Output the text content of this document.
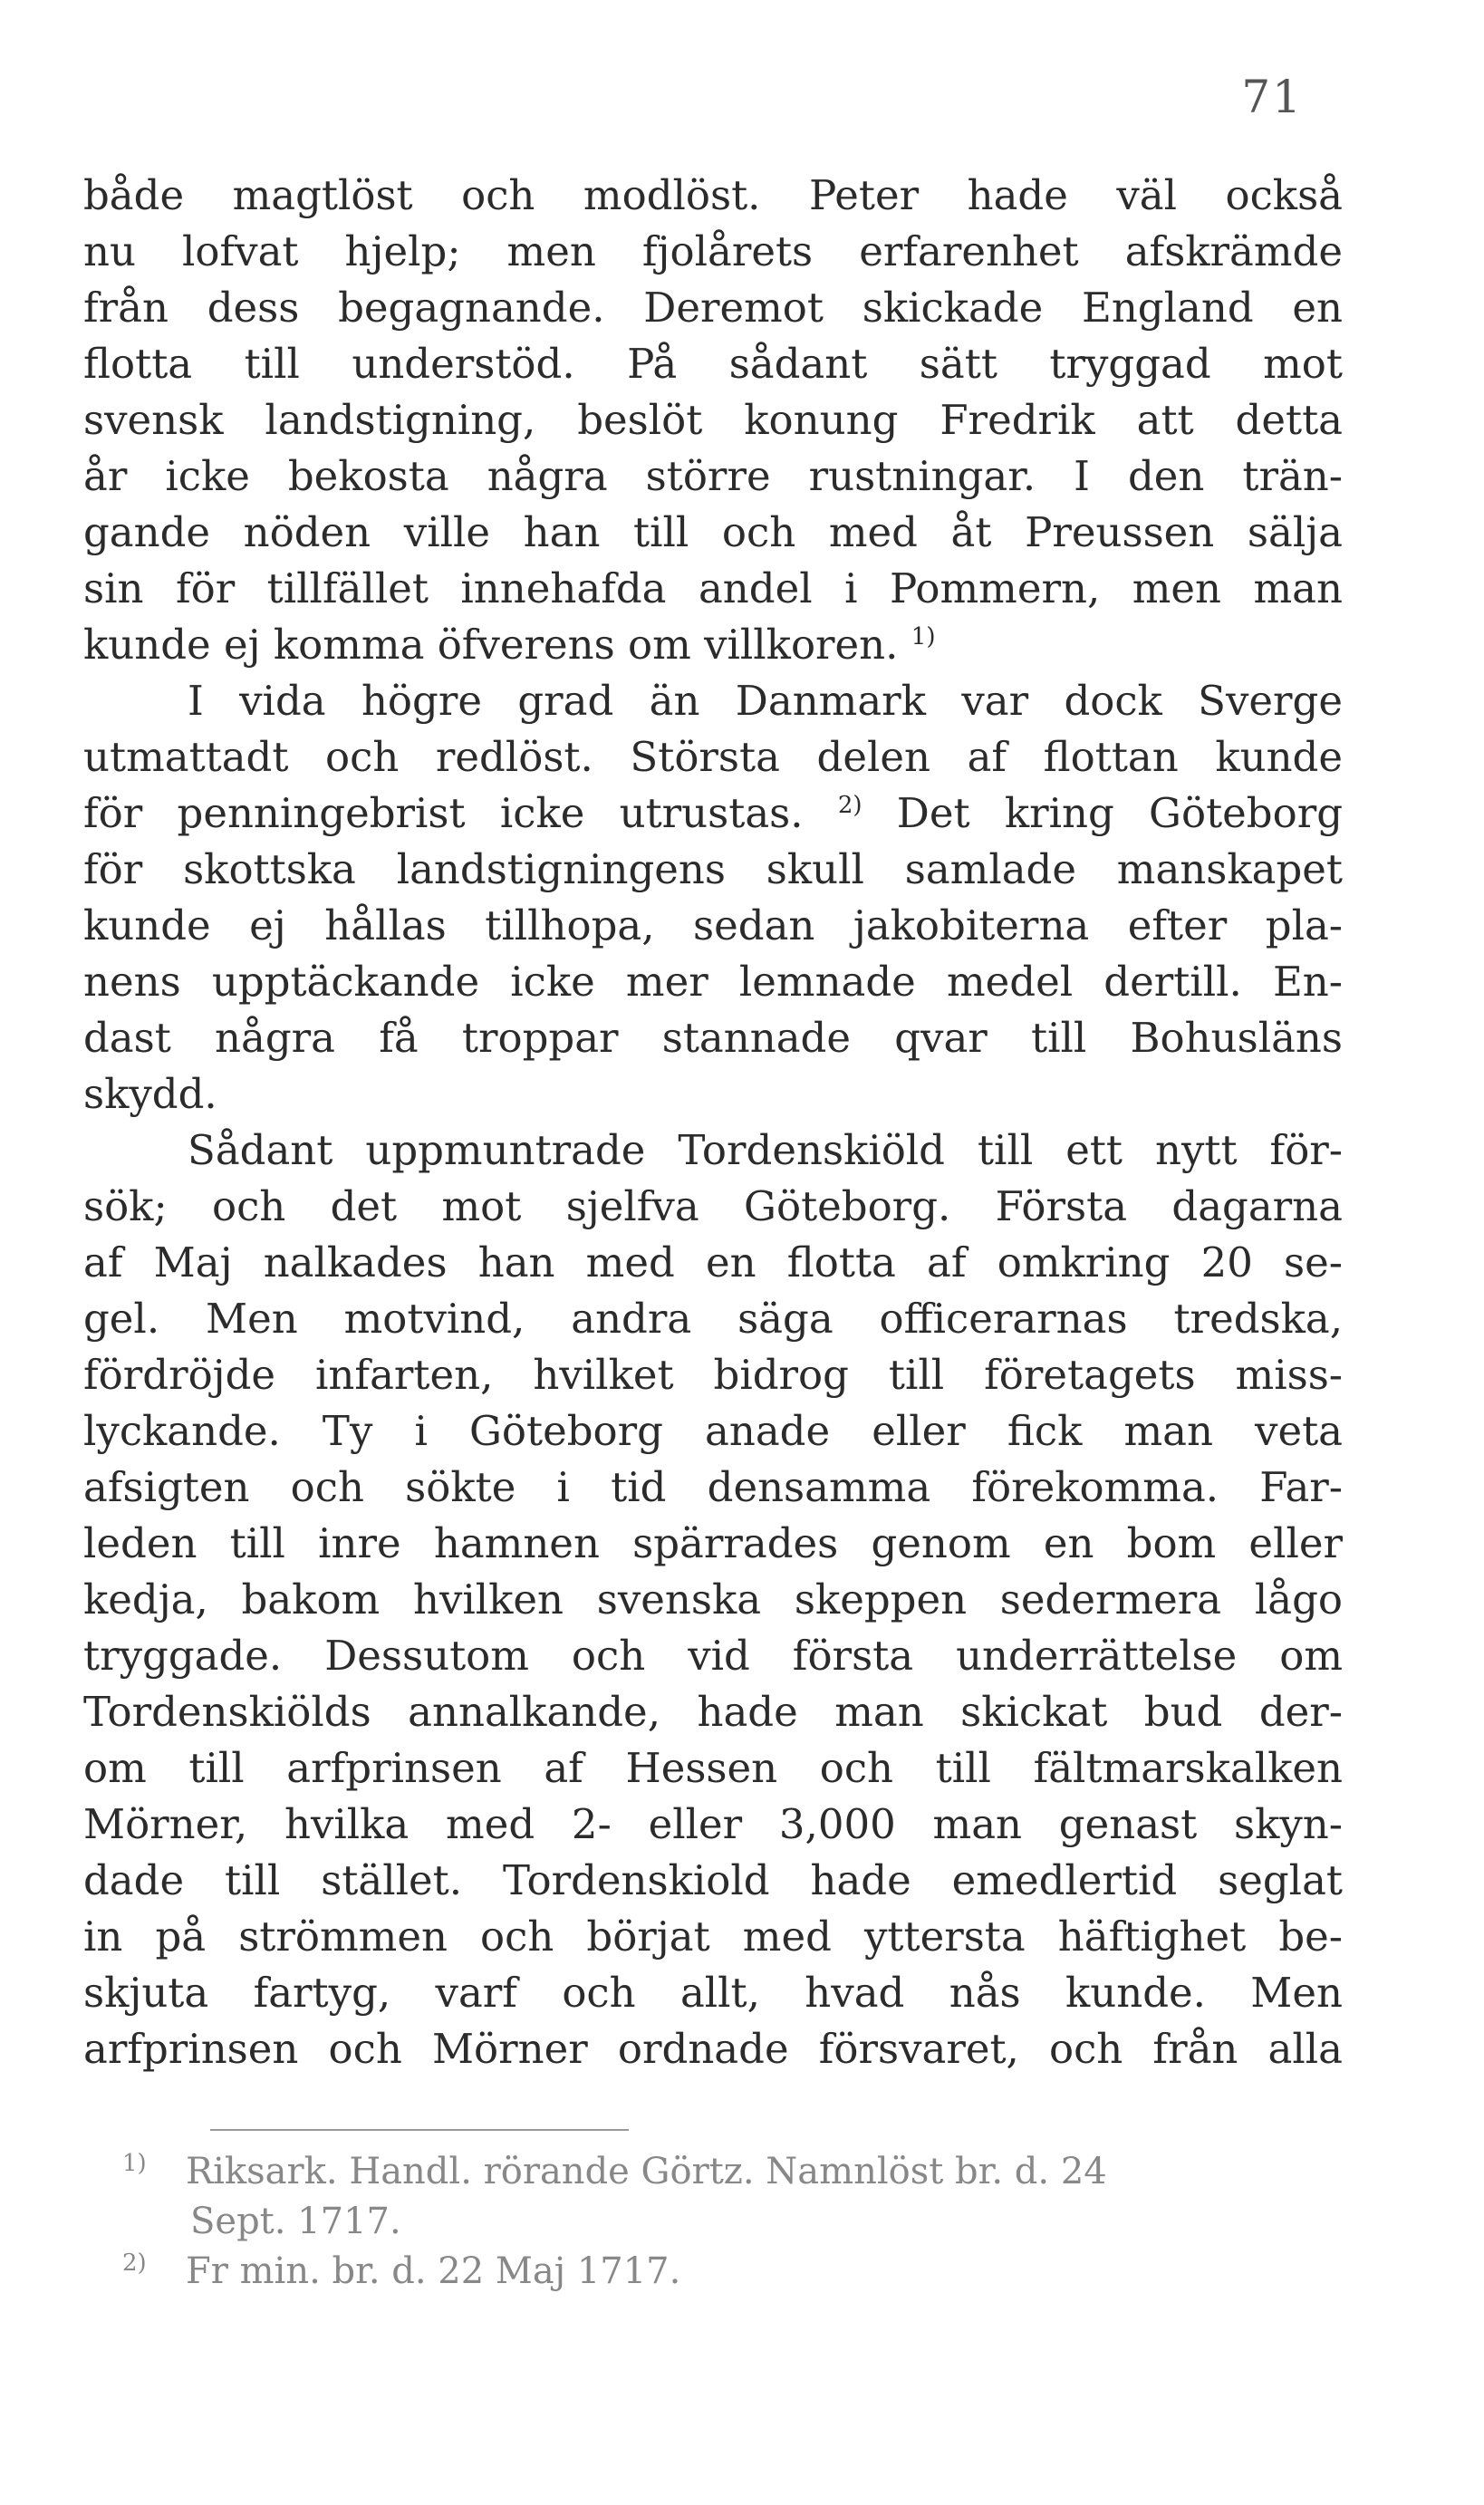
71
både magtlöst och modlöst. Peter hade väl också
nu lofvat hjelp; men fjolårets erfarenhet afskrämde
från dess begagnande. Deremot skickade England en
flotta till understöd. På sådant sätt tryggad mot
svensk landstigning, beslöt konung Fredrik att detta
år icke bekosta några större rustningar. I den trän-
gande nöden ville han till och med åt Preussen sälja
sin för tillfället innehafda andel i Pommern, men man
kunde ej komma öfverens om villkoren. $^{1)}$
I vida högre grad än Danmark var dock Sverge
utmattadt och redlöst. Största delen af flottan kunde
för penningebrist icke utrustas. $^{2)}$ Det kring Göteborg
för skottska landstigningens skull samlade manskapet
kunde ej hållas tillhopa, sedan jakobiterna efter pla-
nens upptäckande icke mer lemnade medel dertill. En-
dast några få troppar stannade qvar till Bohusläns
skydd.
Sådant uppmuntrade Tordenskiöld till ett nytt för-
sök; och det mot sjelfva Göteborg. Första dagarna
af Maj nalkades han med en flotta af omkring 20 se-
gel. Men motvind, andra säga officerarnas tredska,
fördröjde infarten, hvilket bidrog till företagets miss-
lyckande. Ty i Göteborg anade eller fick man veta
afsigten och sökte i tid densamma förekomma. Far-
leden till inre hamnen spärrades genom en bom eller
kedja, bakom hvilken svenska skeppen sedermera lågo
tryggade. Dessutom och vid första underrättelse om
Tordenskiölds annalkande, hade man skickat bud der-
om till arfprinsen af Hessen och till fältmarskalken
Mörner, hvilka med 2- eller 3,000 man genast skyn-
dade till stället. Tordenskiold hade emedlertid seglat
in på strömmen och börjat med yttersta häftighet be-
skjuta fartyg, varf och allt, hvad nås kunde. Men
arfprinsen och Mörner ordnade försvaret, och från alla
1) Riksark. Handl. rörande Görtz. Namnlöst br. d. 24
Sept. 1717.
2) Fr min. br. d. 22 Maj 1717.
